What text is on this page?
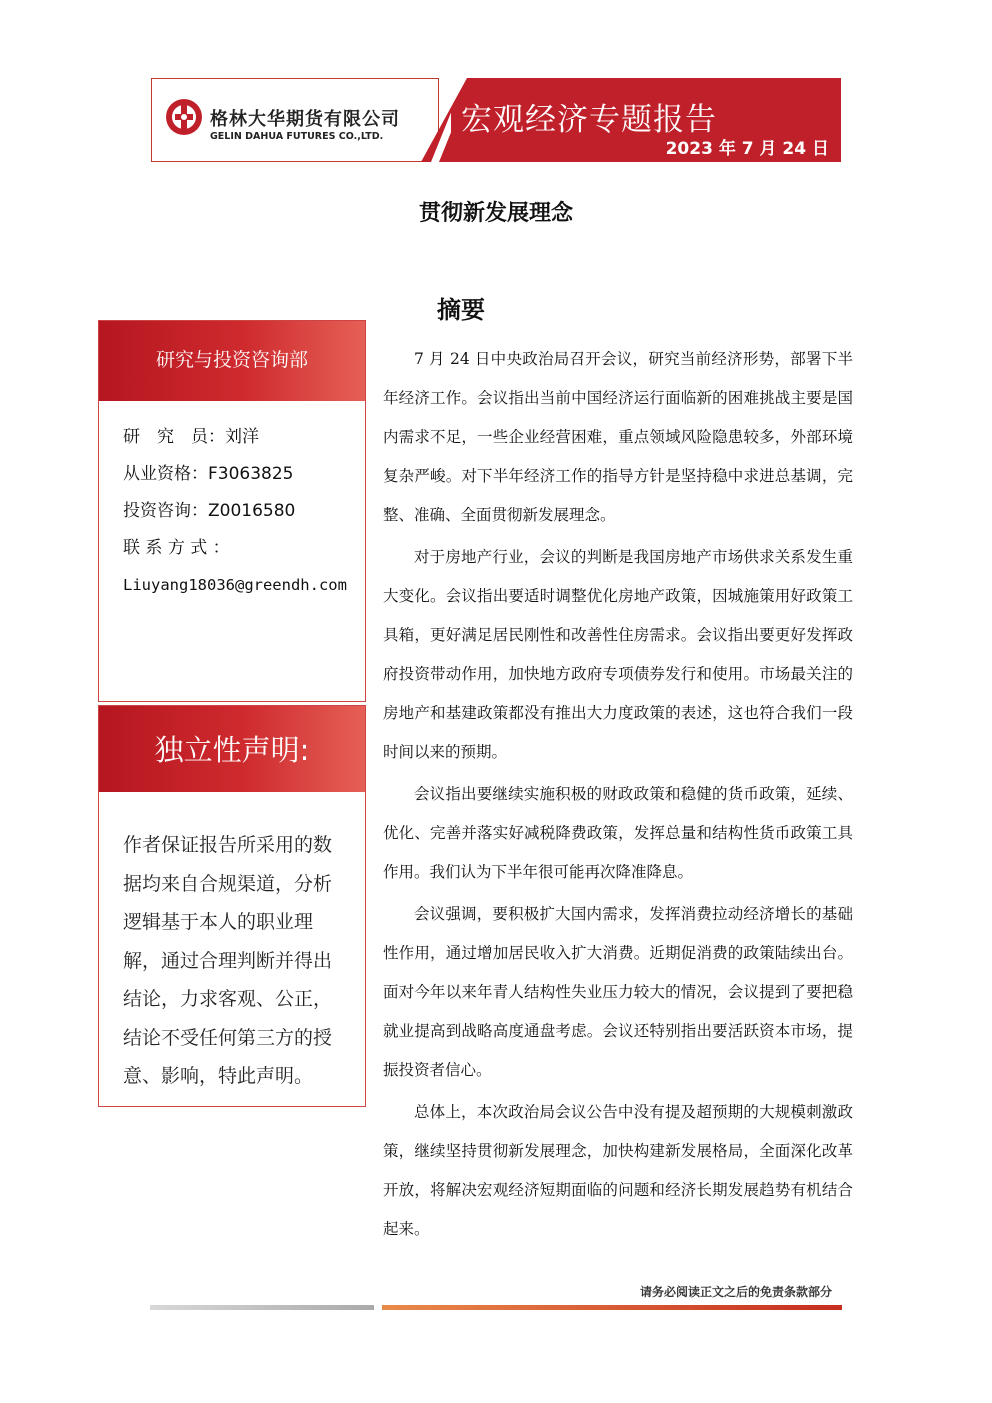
格林大华期货有限公司
GELIN DAHUA FUTURES CO.,LTD.	宏观经济专题报告
2023 年 7 月 24 日
贯彻新发展理念
研究与投资咨询部
研　究　员：刘洋
从业资格：F3063825
投资咨询：Z0016580
联 系 方 式 ：
Liuyang18036@greendh.com
独立性声明:
作者保证报告所采用的数据均来自合规渠道，分析逻辑基于本人的职业理解，通过合理判断并得出结论，力求客观、公正，结论不受任何第三方的授意、影响，特此声明。
摘要

7 月 24 日中央政治局召开会议，研究当前经济形势，部署下半年经济工作。会议指出当前中国经济运行面临新的困难挑战主要是国内需求不足，一些企业经营困难，重点领域风险隐患较多，外部环境复杂严峻。对下半年经济工作的指导方针是坚持稳中求进总基调，完整、准确、全面贯彻新发展理念。

对于房地产行业，会议的判断是我国房地产市场供求关系发生重大变化。会议指出要适时调整优化房地产政策，因城施策用好政策工具箱，更好满足居民刚性和改善性住房需求。会议指出要更好发挥政府投资带动作用，加快地方政府专项债券发行和使用。市场最关注的房地产和基建政策都没有推出大力度政策的表述，这也符合我们一段时间以来的预期。

会议指出要继续实施积极的财政政策和稳健的货币政策，延续、优化、完善并落实好减税降费政策，发挥总量和结构性货币政策工具作用。我们认为下半年很可能再次降准降息。

会议强调，要积极扩大国内需求，发挥消费拉动经济增长的基础性作用，通过增加居民收入扩大消费。近期促消费的政策陆续出台。面对今年以来年青人结构性失业压力较大的情况，会议提到了要把稳就业提高到战略高度通盘考虑。会议还特别指出要活跃资本市场，提振投资者信心。

总体上，本次政治局会议公告中没有提及超预期的大规模刺激政策，继续坚持贯彻新发展理念，加快构建新发展格局，全面深化改革开放，将解决宏观经济短期面临的问题和经济长期发展趋势有机结合起来。

请务必阅读正文之后的免责条款部分
